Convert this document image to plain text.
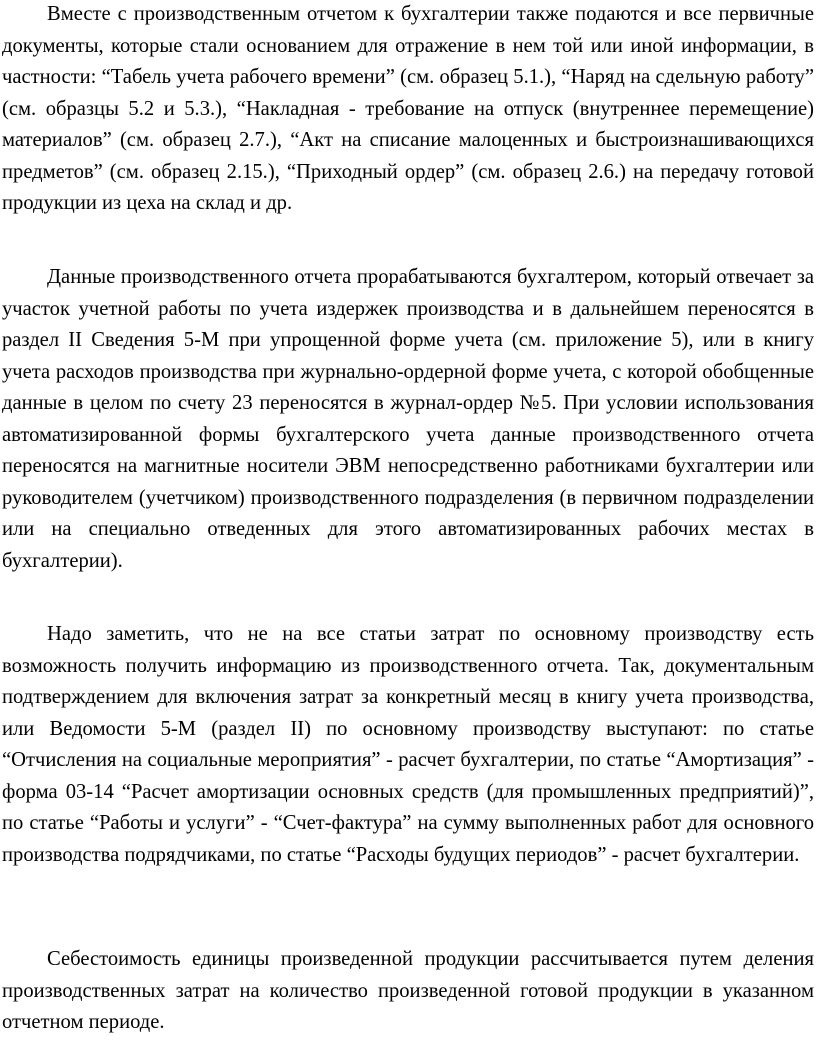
Вместе с производственным отчетом к бухгалтерии также подаются и все первичные документы, которые стали основанием для отражение в нем той или иной информации, в частности: “Табель учета рабочего времени” (см. образец 5.1.), “Наряд на сдельную работу” (см. образцы 5.2 и 5.3.), “Накладная - требование на отпуск (внутреннее перемещение) материалов” (см. образец 2.7.), “Акт на списание малоценных и быстроизнашивающихся предметов” (см. образец 2.15.), “Приходный ордер” (см. образец 2.6.) на передачу готовой продукции из цеха на склад и др.

Данные производственного отчета прорабатываются бухгалтером, который отвечает за участок учетной работы по учета издержек производства и в дальнейшем переносятся в раздел II Сведения 5-М при упрощенной форме учета (см. приложение 5), или в книгу учета расходов производства при журнально-ордерной форме учета, с которой обобщенные данные в целом по счету 23 переносятся в журнал-ордер №5. При условии использования автоматизированной формы бухгалтерского учета данные производственного отчета переносятся на магнитные носители ЭВМ непосредственно работниками бухгалтерии или руководителем (учетчиком) производственного подразделения (в первичном подразделении или на специально отведенных для этого автоматизированных рабочих местах в бухгалтерии).

Надо заметить, что не на все статьи затрат по основному производству есть возможность получить информацию из производственного отчета. Так, документальным подтверждением для включения затрат за конкретный месяц в книгу учета производства, или Ведомости 5-М (раздел II) по основному производству выступают: по статье “Отчисления на социальные мероприятия” - расчет бухгалтерии, по статье “Амортизация” - форма 03-14 “Расчет амортизации основных средств (для промышленных предприятий)”, по статье “Работы и услуги” - “Счет-фактура” на сумму выполненных работ для основного производства подрядчиками, по статье “Расходы будущих периодов” - расчет бухгалтерии.

Себестоимость единицы произведенной продукции рассчитывается путем деления производственных затрат на количество произведенной готовой продукции в указанном отчетном периоде.
